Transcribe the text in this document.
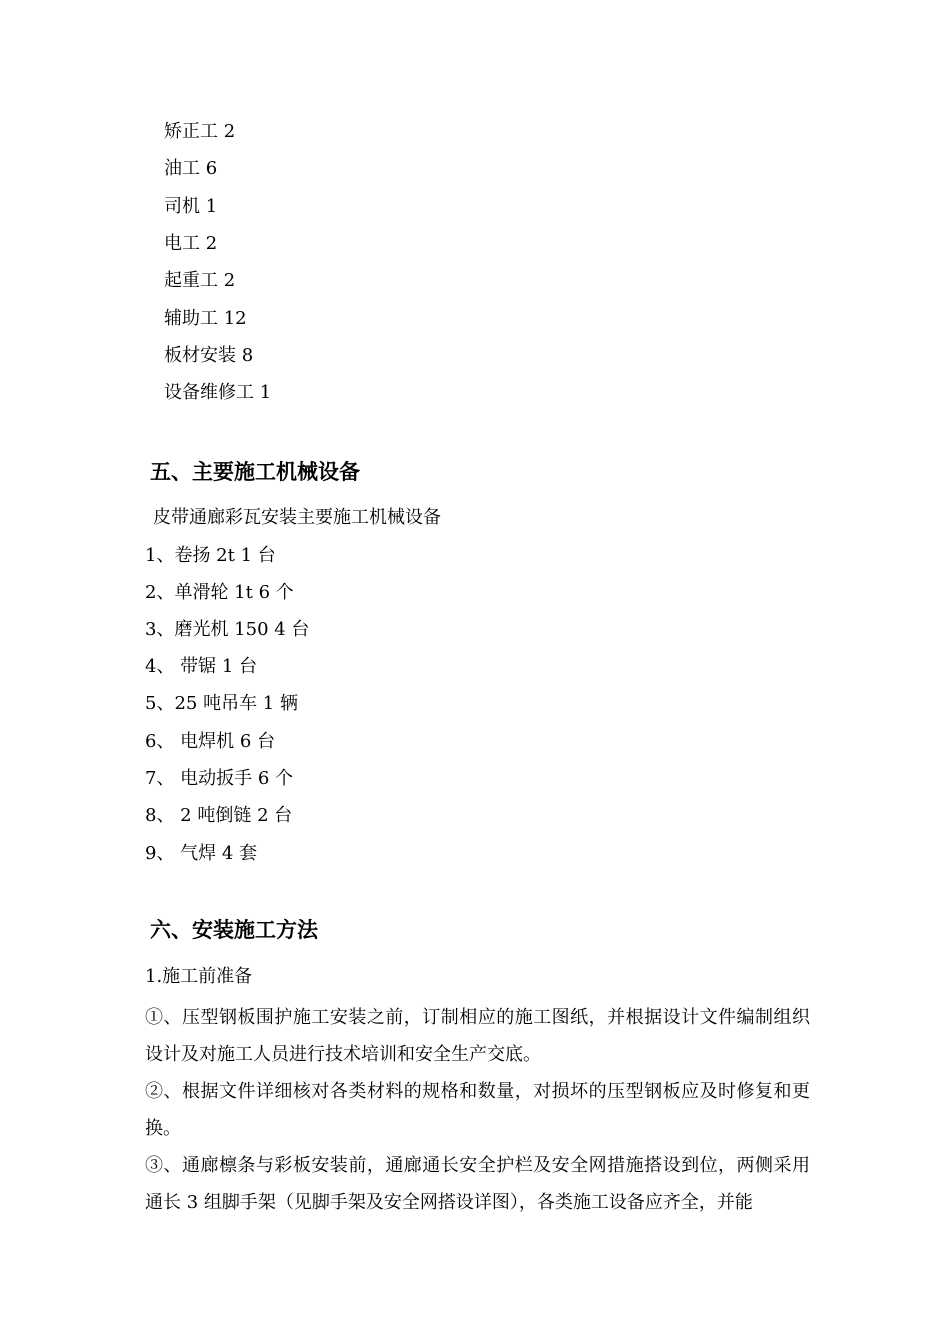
矫正工 2
油工 6
司机 1
电工 2
起重工 2
辅助工 12
板材安装 8
设备维修工 1
五、主要施工机械设备
皮带通廊彩瓦安装主要施工机械设备
1、卷扬 2t 1 台
2、单滑轮 1t 6 个
3、磨光机 150 4 台
4、 带锯 1 台
5、25 吨吊车 1 辆
6、 电焊机 6 台
7、 电动扳手 6 个
8、 2 吨倒链 2 台
9、 气焊 4 套
六、安装施工方法
1.施工前准备
①、压型钢板围护施工安装之前，订制相应的施工图纸，并根据设计文件编制组织设计及对施工人员进行技术培训和安全生产交底。
②、根据文件详细核对各类材料的规格和数量，对损坏的压型钢板应及时修复和更换。
③、通廊檩条与彩板安装前，通廊通长安全护栏及安全网措施搭设到位，两侧采用通长 3 组脚手架（见脚手架及安全网搭设详图），各类施工设备应齐全，并能
